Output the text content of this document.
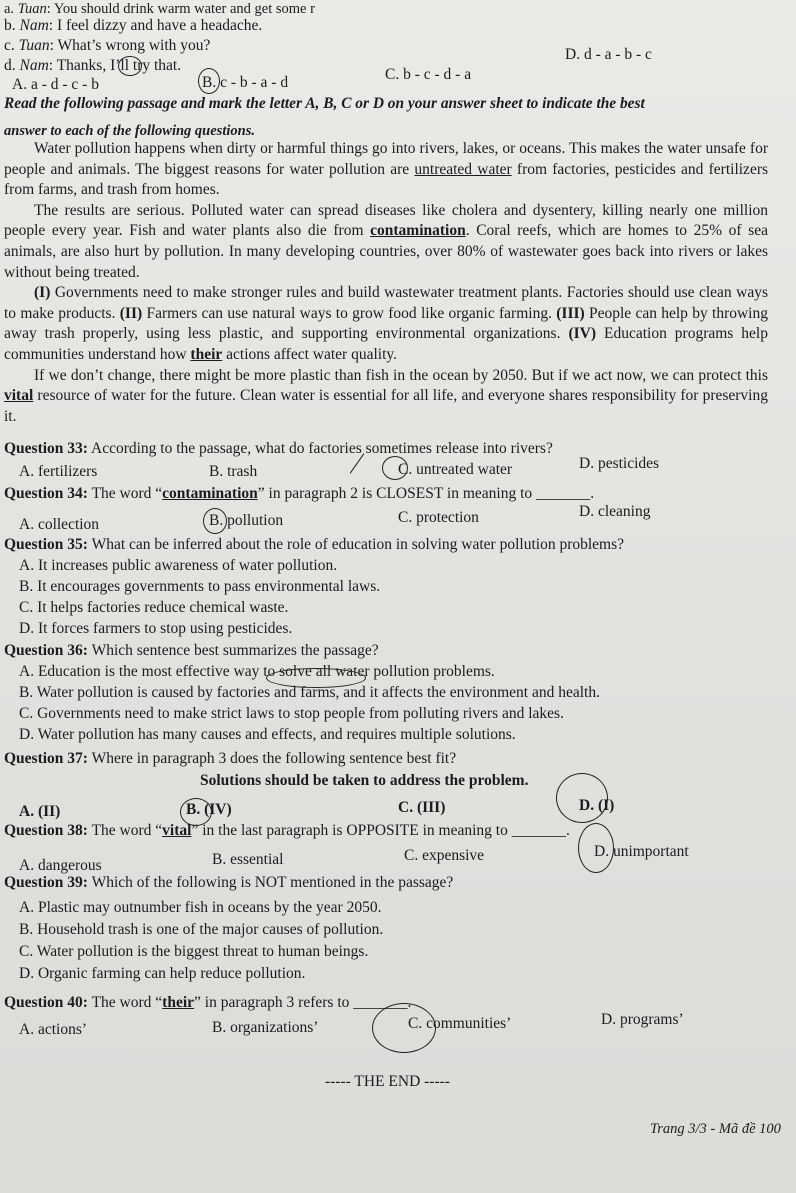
a. Tuan: You should drink warm water and get some r
b. Nam: I feel dizzy and have a headache.
c. Tuan: What’s wrong with you?
d. Nam: Thanks, I’ll try that.
D. d - a - b - c
A. a - d - c - b	B. c - b - a - d	C. b - c - d - a
Read the following passage and mark the letter A, B, C or D on your answer sheet to indicate the best
answer to each of the following questions.

Water pollution happens when dirty or harmful things go into rivers, lakes, or oceans. This makes the water unsafe for people and animals. The biggest reasons for water pollution are untreated water from factories, pesticides and fertilizers from farms, and trash from homes.

The results are serious. Polluted water can spread diseases like cholera and dysentery, killing nearly one million people every year. Fish and water plants also die from contamination. Coral reefs, which are homes to 25% of sea animals, are also hurt by pollution. In many developing countries, over 80% of wastewater goes back into rivers or lakes without being treated.

(I) Governments need to make stronger rules and build wastewater treatment plants. Factories should use clean ways to make products. (II) Farmers can use natural ways to grow food like organic farming. (III) People can help by throwing away trash properly, using less plastic, and supporting environmental organizations. (IV) Education programs help communities understand how their actions affect water quality.

If we don’t change, there might be more plastic than fish in the ocean by 2050. But if we act now, we can protect this vital resource of water for the future. Clean water is essential for all life, and everyone shares responsibility for preserving it.

Question 33: According to the passage, what do factories sometimes release into rivers?
A. fertilizers	B. trash	C. untreated water	D. pesticides
Question 34: The word “contamination” in paragraph 2 is CLOSEST in meaning to _______.
A. collection	B. pollution	C. protection	D. cleaning
Question 35: What can be inferred about the role of education in solving water pollution problems?
A. It increases public awareness of water pollution.
B. It encourages governments to pass environmental laws.
C. It helps factories reduce chemical waste.
D. It forces farmers to stop using pesticides.
Question 36: Which sentence best summarizes the passage?
A. Education is the most effective way to solve all water pollution problems.
B. Water pollution is caused by factories and farms, and it affects the environment and health.
C. Governments need to make strict laws to stop people from polluting rivers and lakes.
D. Water pollution has many causes and effects, and requires multiple solutions.
Question 37: Where in paragraph 3 does the following sentence best fit?
Solutions should be taken to address the problem.
A. (II)	B. (IV)	C. (III)	D. (I)
Question 38: The word “vital” in the last paragraph is OPPOSITE in meaning to _______.
A. dangerous	B. essential	C. expensive	D. unimportant
Question 39: Which of the following is NOT mentioned in the passage?
A. Plastic may outnumber fish in oceans by the year 2050.
B. Household trash is one of the major causes of pollution.
C. Water pollution is the biggest threat to human beings.
D. Organic farming can help reduce pollution.
Question 40: The word “their” in paragraph 3 refers to _______.
A. actions’	B. organizations’	C. communities’	D. programs’
----- THE END -----
Trang 3/3 - Mã đề 100
